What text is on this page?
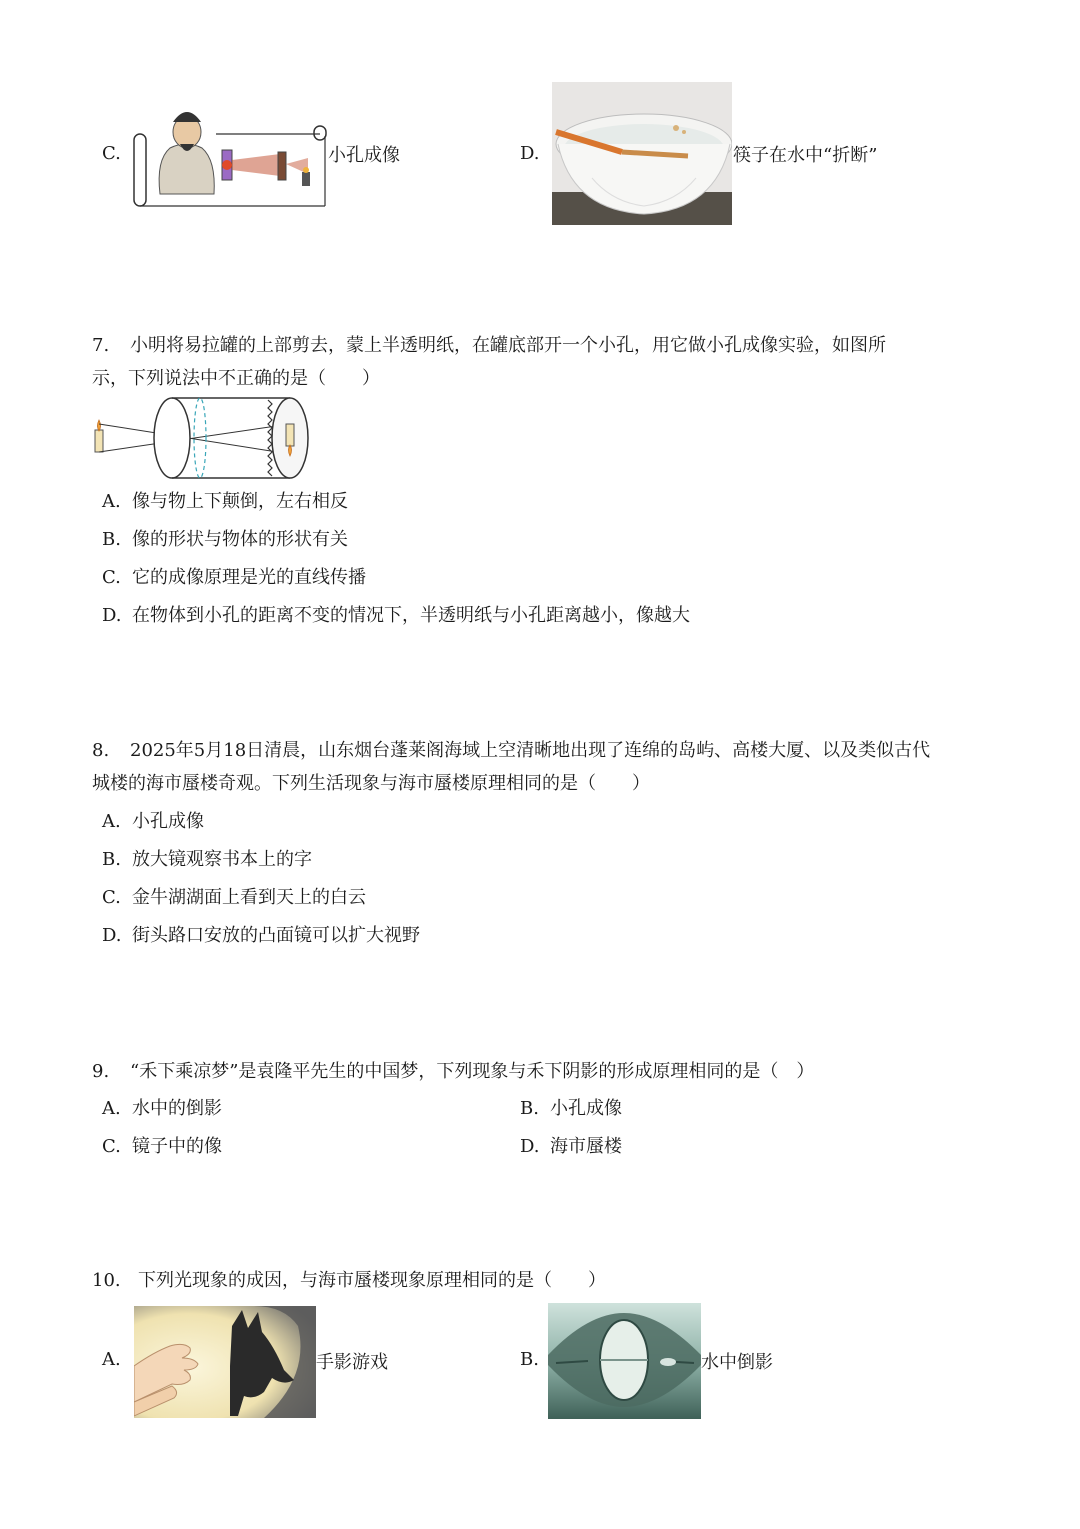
C.	小孔成像	D.	筷子在水中“折断”
7. 小明将易拉罐的上部剪去，蒙上半透明纸，在罐底部开一个小孔，用它做小孔成像实验，如图所示，下列说法中不正确的是（　　）
A. 像与物上下颠倒，左右相反
B. 像的形状与物体的形状有关
C. 它的成像原理是光的直线传播
D. 在物体到小孔的距离不变的情况下，半透明纸与小孔距离越小，像越大
8. 2025年5月18日清晨，山东烟台蓬莱阁海域上空清晰地出现了连绵的岛屿、高楼大厦、以及类似古代城楼的海市蜃楼奇观。下列生活现象与海市蜃楼原理相同的是（　　）
A. 小孔成像
B. 放大镜观察书本上的字
C. 金牛湖湖面上看到天上的白云
D. 街头路口安放的凸面镜可以扩大视野
9. “禾下乘凉梦”是袁隆平先生的中国梦，下列现象与禾下阴影的形成原理相同的是（　）
A. 水中的倒影	B. 小孔成像
C. 镜子中的像	D. 海市蜃楼
10. 下列光现象的成因，与海市蜃楼现象原理相同的是（　　）
A.	手影游戏	B.	水中倒影
